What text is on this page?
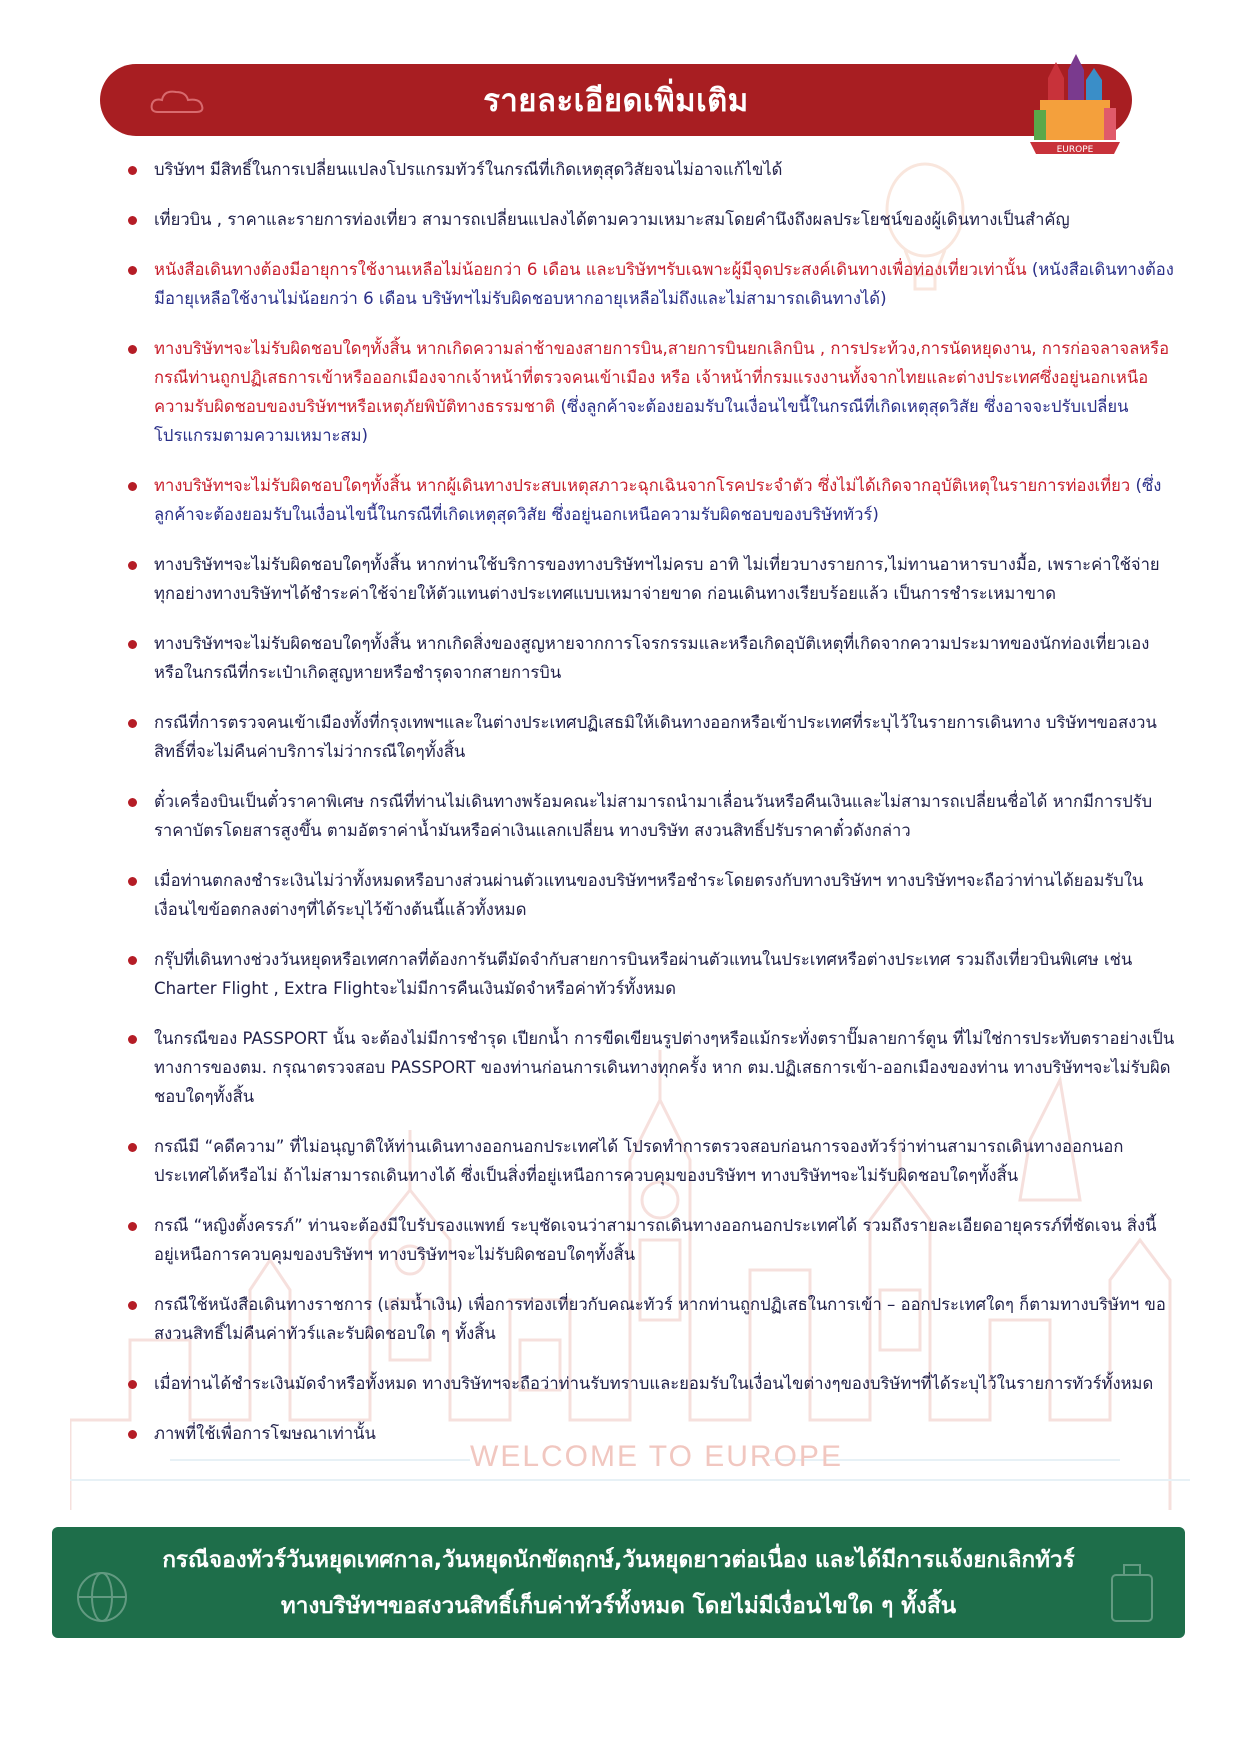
WELCOME TO EUROPE
รายละเอียดเพิ่มเติม
EUROPE
บริษัทฯ มีสิทธิ์ในการเปลี่ยนแปลงโปรแกรมทัวร์ในกรณีที่เกิดเหตุสุดวิสัยจนไม่อาจแก้ไขได้
เที่ยวบิน , ราคาและรายการท่องเที่ยว สามารถเปลี่ยนแปลงได้ตามความเหมาะสมโดยคำนึงถึงผลประโยชน์ของผู้เดินทางเป็นสำคัญ
หนังสือเดินทางต้องมีอายุการใช้งานเหลือไม่น้อยกว่า 6 เดือน และบริษัทฯรับเฉพาะผู้มีจุดประสงค์เดินทางเพื่อท่องเที่ยวเท่านั้น (หนังสือเดินทางต้องมีอายุเหลือใช้งานไม่น้อยกว่า 6 เดือน บริษัทฯไม่รับผิดชอบหากอายุเหลือไม่ถึงและไม่สามารถเดินทางได้)
ทางบริษัทฯจะไม่รับผิดชอบใดๆทั้งสิ้น หากเกิดความล่าช้าของสายการบิน,สายการบินยกเลิกบิน , การประท้วง,การนัดหยุดงาน, การก่อจลาจลหรือกรณีท่านถูกปฏิเสธการเข้าหรือออกเมืองจากเจ้าหน้าที่ตรวจคนเข้าเมือง หรือ เจ้าหน้าที่กรมแรงงานทั้งจากไทยและต่างประเทศซึ่งอยู่นอกเหนือความรับผิดชอบของบริษัทฯหรือเหตุภัยพิบัติทางธรรมชาติ (ซึ่งลูกค้าจะต้องยอมรับในเงื่อนไขนี้ในกรณีที่เกิดเหตุสุดวิสัย ซึ่งอาจจะปรับเปลี่ยนโปรแกรมตามความเหมาะสม)
ทางบริษัทฯจะไม่รับผิดชอบใดๆทั้งสิ้น หากผู้เดินทางประสบเหตุสภาวะฉุกเฉินจากโรคประจำตัว ซึ่งไม่ได้เกิดจากอุบัติเหตุในรายการท่องเที่ยว (ซึ่งลูกค้าจะต้องยอมรับในเงื่อนไขนี้ในกรณีที่เกิดเหตุสุดวิสัย ซึ่งอยู่นอกเหนือความรับผิดชอบของบริษัททัวร์)
ทางบริษัทฯจะไม่รับผิดชอบใดๆทั้งสิ้น หากท่านใช้บริการของทางบริษัทฯไม่ครบ อาทิ ไม่เที่ยวบางรายการ,ไม่ทานอาหารบางมื้อ, เพราะค่าใช้จ่ายทุกอย่างทางบริษัทฯได้ชำระค่าใช้จ่ายให้ตัวแทนต่างประเทศแบบเหมาจ่ายขาด ก่อนเดินทางเรียบร้อยแล้ว เป็นการชำระเหมาขาด
ทางบริษัทฯจะไม่รับผิดชอบใดๆทั้งสิ้น หากเกิดสิ่งของสูญหายจากการโจรกรรมและหรือเกิดอุบัติเหตุที่เกิดจากความประมาทของนักท่องเที่ยวเองหรือในกรณีที่กระเป๋าเกิดสูญหายหรือชำรุดจากสายการบิน
กรณีที่การตรวจคนเข้าเมืองทั้งที่กรุงเทพฯและในต่างประเทศปฏิเสธมิให้เดินทางออกหรือเข้าประเทศที่ระบุไว้ในรายการเดินทาง บริษัทฯขอสงวนสิทธิ์ที่จะไม่คืนค่าบริการไม่ว่ากรณีใดๆทั้งสิ้น
ตั๋วเครื่องบินเป็นตั๋วราคาพิเศษ กรณีที่ท่านไม่เดินทางพร้อมคณะไม่สามารถนำมาเลื่อนวันหรือคืนเงินและไม่สามารถเปลี่ยนชื่อได้ หากมีการปรับราคาบัตรโดยสารสูงขึ้น ตามอัตราค่าน้ำมันหรือค่าเงินแลกเปลี่ยน ทางบริษัท สงวนสิทธิ์ปรับราคาตั๋วดังกล่าว
เมื่อท่านตกลงชำระเงินไม่ว่าทั้งหมดหรือบางส่วนผ่านตัวแทนของบริษัทฯหรือชำระโดยตรงกับทางบริษัทฯ ทางบริษัทฯจะถือว่าท่านได้ยอมรับในเงื่อนไขข้อตกลงต่างๆที่ได้ระบุไว้ข้างต้นนี้แล้วทั้งหมด
กรุ๊ปที่เดินทางช่วงวันหยุดหรือเทศกาลที่ต้องการันตีมัดจำกับสายการบินหรือผ่านตัวแทนในประเทศหรือต่างประเทศ รวมถึงเที่ยวบินพิเศษ เช่น Charter Flight , Extra Flightจะไม่มีการคืนเงินมัดจำหรือค่าทัวร์ทั้งหมด
ในกรณีของ PASSPORT นั้น จะต้องไม่มีการชำรุด เปียกน้ำ การขีดเขียนรูปต่างๆหรือแม้กระทั่งตราปั๊มลายการ์ตูน ที่ไม่ใช่การประทับตราอย่างเป็นทางการของตม. กรุณาตรวจสอบ PASSPORT ของท่านก่อนการเดินทางทุกครั้ง หาก ตม.ปฏิเสธการเข้า-ออกเมืองของท่าน ทางบริษัทฯจะไม่รับผิดชอบใดๆทั้งสิ้น
กรณีมี “คดีความ” ที่ไม่อนุญาติให้ท่านเดินทางออกนอกประเทศได้ โปรดทำการตรวจสอบก่อนการจองทัวร์ว่าท่านสามารถเดินทางออกนอกประเทศได้หรือไม่ ถ้าไม่สามารถเดินทางได้ ซึ่งเป็นสิ่งที่อยู่เหนือการควบคุมของบริษัทฯ ทางบริษัทฯจะไม่รับผิดชอบใดๆทั้งสิ้น
กรณี “หญิงตั้งครรภ์” ท่านจะต้องมีใบรับรองแพทย์ ระบุชัดเจนว่าสามารถเดินทางออกนอกประเทศได้ รวมถึงรายละเอียดอายุครรภ์ที่ชัดเจน สิ่งนี้อยู่เหนือการควบคุมของบริษัทฯ ทางบริษัทฯจะไม่รับผิดชอบใดๆทั้งสิ้น
กรณีใช้หนังสือเดินทางราชการ (เล่มน้ำเงิน) เพื่อการท่องเที่ยวกับคณะทัวร์ หากท่านถูกปฏิเสธในการเข้า – ออกประเทศใดๆ ก็ตามทางบริษัทฯ ขอสงวนสิทธิ์ไม่คืนค่าทัวร์และรับผิดชอบใด ๆ ทั้งสิ้น
เมื่อท่านได้ชำระเงินมัดจำหรือทั้งหมด ทางบริษัทฯจะถือว่าท่านรับทราบและยอมรับในเงื่อนไขต่างๆของบริษัทฯที่ได้ระบุไว้ในรายการทัวร์ทั้งหมด
ภาพที่ใช้เพื่อการโฆษณาเท่านั้น
กรณีจองทัวร์วันหยุดเทศกาล,วันหยุดนักขัตฤกษ์,วันหยุดยาวต่อเนื่อง และได้มีการแจ้งยกเลิกทัวร์
ทางบริษัทฯขอสงวนสิทธิ์เก็บค่าทัวร์ทั้งหมด โดยไม่มีเงื่อนไขใด ๆ ทั้งสิ้น
